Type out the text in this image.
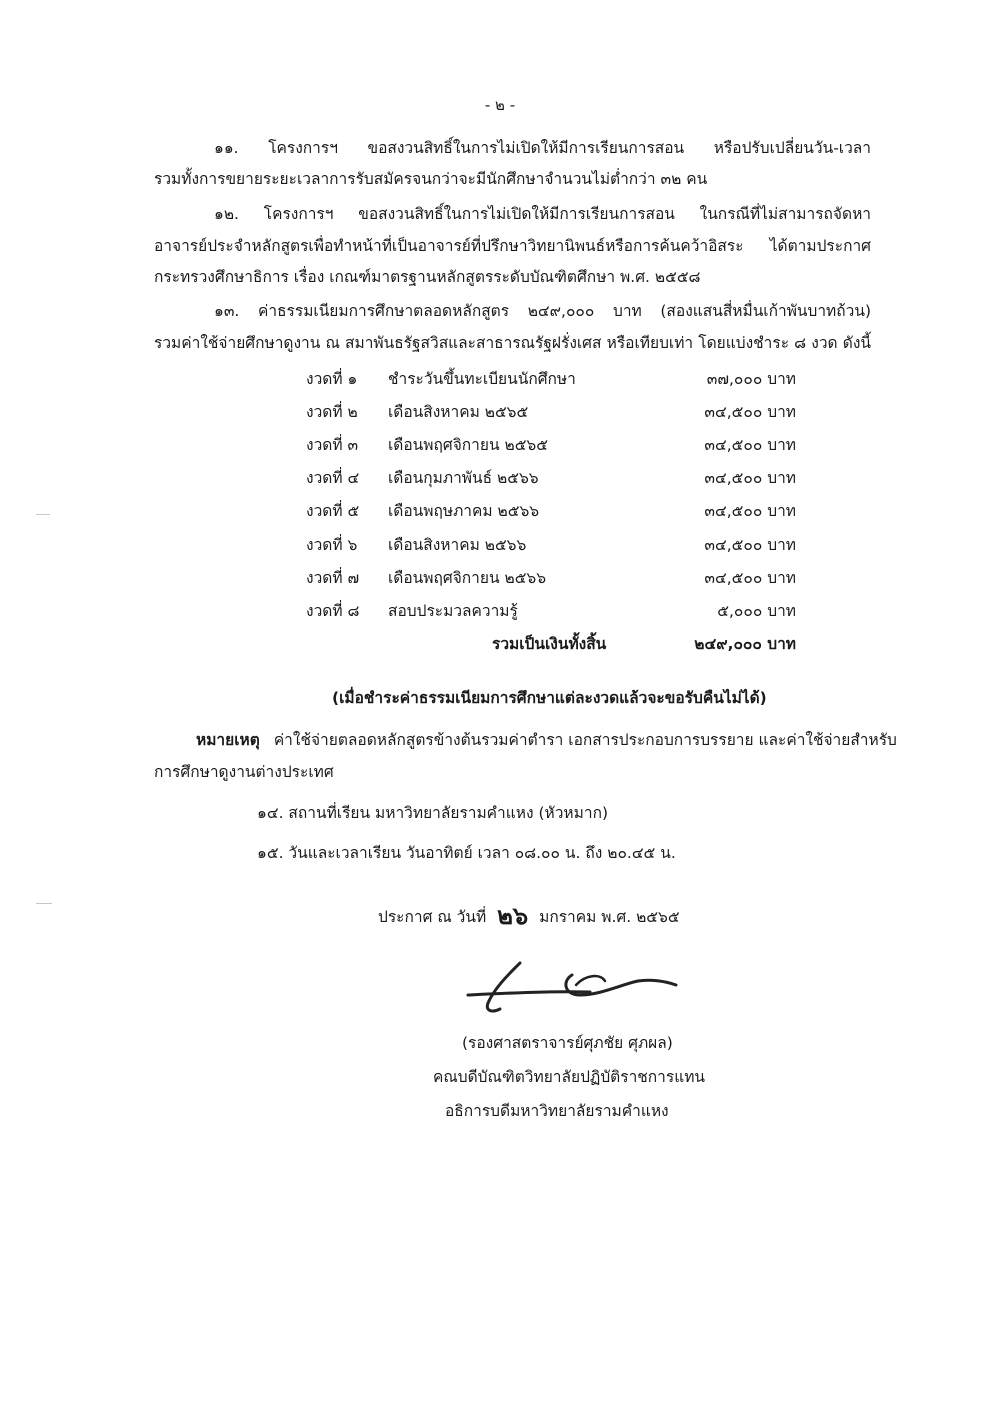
- ๒ -
๑๑. โครงการฯ ขอสงวนสิทธิ์ในการไม่เปิดให้มีการเรียนการสอน หรือปรับเปลี่ยนวัน-เวลา
รวมทั้งการขยายระยะเวลาการรับสมัครจนกว่าจะมีนักศึกษาจำนวนไม่ต่ำกว่า ๓๒ คน
๑๒. โครงการฯ ขอสงวนสิทธิ์ในการไม่เปิดให้มีการเรียนการสอน ในกรณีที่ไม่สามารถจัดหา
อาจารย์ประจำหลักสูตรเพื่อทำหน้าที่เป็นอาจารย์ที่ปรึกษาวิทยานิพนธ์หรือการค้นคว้าอิสระ ได้ตามประกาศ
กระทรวงศึกษาธิการ เรื่อง เกณฑ์มาตรฐานหลักสูตรระดับบัณฑิตศึกษา พ.ศ. ๒๕๕๘
๑๓. ค่าธรรมเนียมการศึกษาตลอดหลักสูตร ๒๔๙,๐๐๐ บาท (สองแสนสี่หมื่นเก้าพันบาทถ้วน)
รวมค่าใช้จ่ายศึกษาดูงาน ณ สมาพันธรัฐสวิสและสาธารณรัฐฝรั่งเศส หรือเทียบเท่า โดยแบ่งชำระ ๘ งวด ดังนี้
งวดที่ ๑ ชำระวันขึ้นทะเบียนนักศึกษา	๓๗,๐๐๐ บาท
งวดที่ ๒ เดือนสิงหาคม ๒๕๖๕	๓๔,๕๐๐ บาท
งวดที่ ๓ เดือนพฤศจิกายน ๒๕๖๕	๓๔,๕๐๐ บาท
งวดที่ ๔ เดือนกุมภาพันธ์ ๒๕๖๖	๓๔,๕๐๐ บาท
งวดที่ ๕ เดือนพฤษภาคม ๒๕๖๖	๓๔,๕๐๐ บาท
งวดที่ ๖ เดือนสิงหาคม ๒๕๖๖	๓๔,๕๐๐ บาท
งวดที่ ๗ เดือนพฤศจิกายน ๒๕๖๖	๓๔,๕๐๐ บาท
งวดที่ ๘ สอบประมวลความรู้	๕,๐๐๐ บาท
รวมเป็นเงินทั้งสิ้น	๒๔๙,๐๐๐ บาท
(เมื่อชำระค่าธรรมเนียมการศึกษาแต่ละงวดแล้วจะขอรับคืนไม่ได้)
หมายเหตุ ค่าใช้จ่ายตลอดหลักสูตรข้างต้นรวมค่าตำรา เอกสารประกอบการบรรยาย และค่าใช้จ่ายสำหรับ
การศึกษาดูงานต่างประเทศ
๑๔. สถานที่เรียน มหาวิทยาลัยรามคำแหง (หัวหมาก)
๑๕. วันและเวลาเรียน วันอาทิตย์ เวลา ๐๘.๐๐ น. ถึง ๒๐.๔๕ น.
ประกาศ ณ วันที่ ๒๖ มกราคม พ.ศ. ๒๕๖๕
(รองศาสตราจารย์ศุภชัย ศุภผล)
คณบดีบัณฑิตวิทยาลัยปฏิบัติราชการแทน
อธิการบดีมหาวิทยาลัยรามคำแหง
